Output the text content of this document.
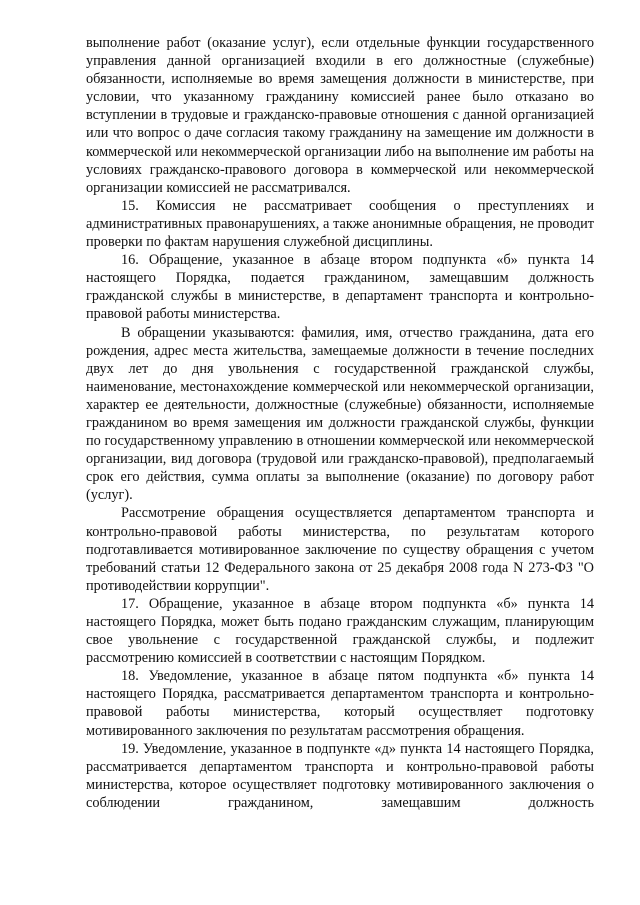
выполнение работ (оказание услуг), если отдельные функции государственного управления данной организацией входили в его должностные (служебные) обязанности, исполняемые во время замещения должности в министерстве, при условии, что указанному гражданину комиссией ранее было отказано во вступлении в трудовые и гражданско-правовые отношения с данной организацией или что вопрос о даче согласия такому гражданину на замещение им должности в коммерческой или некоммерческой организации либо на выполнение им работы на условиях гражданско-правового договора в коммерческой или некоммерческой организации комиссией не рассматривался.

15. Комиссия не рассматривает сообщения о преступлениях и административных правонарушениях, а также анонимные обращения, не проводит проверки по фактам нарушения служебной дисциплины.

16. Обращение, указанное в абзаце втором подпункта «б» пункта 14 настоящего Порядка, подается гражданином, замещавшим должность гражданской службы в министерстве, в департамент транспорта и контрольно-правовой работы министерства.

В обращении указываются: фамилия, имя, отчество гражданина, дата его рождения, адрес места жительства, замещаемые должности в течение последних двух лет до дня увольнения с государственной гражданской службы, наименование, местонахождение коммерческой или некоммерческой организации, характер ее деятельности, должностные (служебные) обязанности, исполняемые гражданином во время замещения им должности гражданской службы, функции по государственному управлению в отношении коммерческой или некоммерческой организации, вид договора (трудовой или гражданско-правовой), предполагаемый срок его действия, сумма оплаты за выполнение (оказание) по договору работ (услуг).

Рассмотрение обращения осуществляется департаментом транспорта и контрольно-правовой работы министерства, по результатам которого подготавливается мотивированное заключение по существу обращения с учетом требований статьи 12 Федерального закона от 25 декабря 2008 года N 273-ФЗ "О противодействии коррупции".

17. Обращение, указанное в абзаце втором подпункта «б» пункта 14 настоящего Порядка, может быть подано гражданским служащим, планирующим свое увольнение с государственной гражданской службы, и подлежит рассмотрению комиссией в соответствии с настоящим Порядком.

18. Уведомление, указанное в абзаце пятом подпункта «б» пункта 14 настоящего Порядка, рассматривается департаментом транспорта и контрольно-правовой работы министерства, который осуществляет подготовку мотивированного заключения по результатам рассмотрения обращения.

19. Уведомление, указанное в подпункте «д» пункта 14 настоящего Порядка, рассматривается департаментом транспорта и контрольно-правовой работы министерства, которое осуществляет подготовку мотивированного заключения о соблюдении гражданином, замещавшим должность
